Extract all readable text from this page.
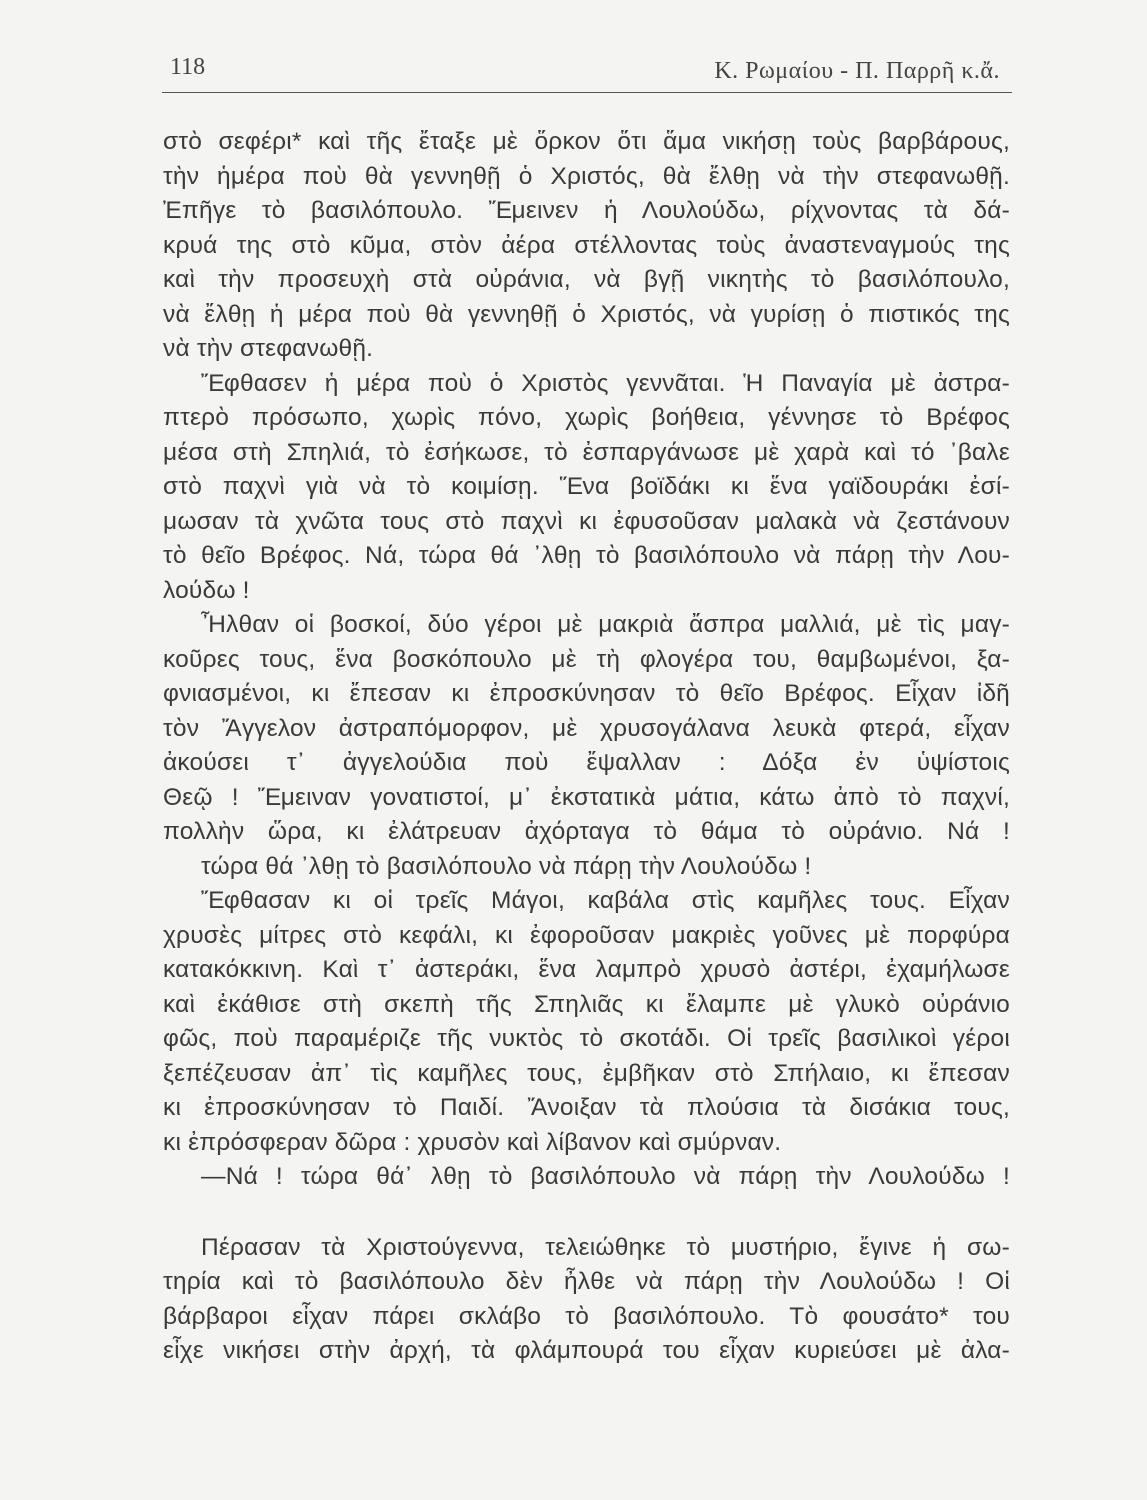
118	Κ. Ρωμαίου - Π. Παρρῆ κ.ἄ.
στὸ σεφέρι* καὶ τῆς ἔταξε μὲ ὅρκον ὅτι ἅμα νικήσῃ τοὺς βαρβάρους,
τὴν ἡμέρα ποὺ θὰ γεννηθῇ ὁ Χριστός, θὰ ἔλθῃ νὰ τὴν στεφανωθῇ.
Ἐπῆγε τὸ βασιλόπουλο. Ἔμεινεν ἡ Λουλούδω, ρίχνοντας τὰ δά-
κρυά της στὸ κῦμα, στὸν ἀέρα στέλλοντας τοὺς ἀναστεναγμούς της
καὶ τὴν προσευχὴ στὰ οὐράνια, νὰ βγῇ νικητὴς τὸ βασιλόπουλο,
νὰ ἔλθῃ ἡ μέρα ποὺ θὰ γεννηθῇ ὁ Χριστός, νὰ γυρίσῃ ὁ πιστικός της
νὰ τὴν στεφανωθῇ.
Ἔφθασεν ἡ μέρα ποὺ ὁ Χριστὸς γεννᾶται. Ἡ Παναγία μὲ ἀστρα-
πτερὸ πρόσωπο, χωρὶς πόνο, χωρὶς βοήθεια, γέννησε τὸ Βρέφος
μέσα στὴ Σπηλιά, τὸ ἐσήκωσε, τὸ ἐσπαργάνωσε μὲ χαρὰ καὶ τό ᾽βαλε
στὸ παχνὶ γιὰ νὰ τὸ κοιμίσῃ. Ἕνα βοϊδάκι κι ἕνα γαϊδουράκι ἐσί-
μωσαν τὰ χνῶτα τους στὸ παχνὶ κι ἐφυσοῦσαν μαλακὰ νὰ ζεστάνουν
τὸ θεῖο Βρέφος. Νά, τώρα θά ᾽λθῃ τὸ βασιλόπουλο νὰ πάρῃ τὴν Λου-
λούδω !
Ἦλθαν οἱ βοσκοί, δύο γέροι μὲ μακριὰ ἄσπρα μαλλιά, μὲ τὶς μαγ-
κοῦρες τους, ἕνα βοσκόπουλο μὲ τὴ φλογέρα του, θαμβωμένοι, ξα-
φνιασμένοι, κι ἔπεσαν κι ἐπροσκύνησαν τὸ θεῖο Βρέφος. Εἶχαν ἰδῆ
τὸν Ἄγγελον ἀστραπόμορφον, μὲ χρυσογάλανα λευκὰ φτερά, εἶχαν
ἀκούσει τ᾽ ἀγγελούδια ποὺ ἔψαλλαν : Δόξα ἐν ὑψίστοις
Θεῷ ! Ἔμειναν γονατιστοί, μ᾽ ἐκστατικὰ μάτια, κάτω ἀπὸ τὸ παχνί,
πολλὴν ὥρα, κι ἐλάτρευαν ἀχόρταγα τὸ θάμα τὸ οὐράνιο. Νά !
τώρα θά ᾽λθῃ τὸ βασιλόπουλο νὰ πάρῃ τὴν Λουλούδω !
Ἔφθασαν κι οἱ τρεῖς Μάγοι, καβάλα στὶς καμῆλες τους. Εἶχαν
χρυσὲς μίτρες στὸ κεφάλι, κι ἐφοροῦσαν μακριὲς γοῦνες μὲ πορφύρα
κατακόκκινη. Καὶ τ᾽ ἀστεράκι, ἕνα λαμπρὸ χρυσὸ ἀστέρι, ἐχαμήλωσε
καὶ ἐκάθισε στὴ σκεπὴ τῆς Σπηλιᾶς κι ἔλαμπε μὲ γλυκὸ οὐράνιο
φῶς, ποὺ παραμέριζε τῆς νυκτὸς τὸ σκοτάδι. Οἱ τρεῖς βασιλικοὶ γέροι
ξεπέζευσαν ἀπ᾽ τὶς καμῆλες τους, ἐμβῆκαν στὸ Σπήλαιο, κι ἔπεσαν
κι ἐπροσκύνησαν τὸ Παιδί. Ἄνοιξαν τὰ πλούσια τὰ δισάκια τους,
κι ἐπρόσφεραν δῶρα : χρυσὸν καὶ λίβανον καὶ σμύρναν.
—Νά ! τώρα θά᾽ λθῃ τὸ βασιλόπουλο νὰ πάρῃ τὴν Λουλούδω !
Πέρασαν τὰ Χριστούγεννα, τελειώθηκε τὸ μυστήριο, ἔγινε ἡ σω-
τηρία καὶ τὸ βασιλόπουλο δὲν ἦλθε νὰ πάρῃ τὴν Λουλούδω ! Οἱ
βάρβαροι εἶχαν πάρει σκλάβο τὸ βασιλόπουλο. Τὸ φουσάτο* του
εἶχε νικήσει στὴν ἀρχή, τὰ φλάμπουρά του εἶχαν κυριεύσει μὲ ἀλα-
